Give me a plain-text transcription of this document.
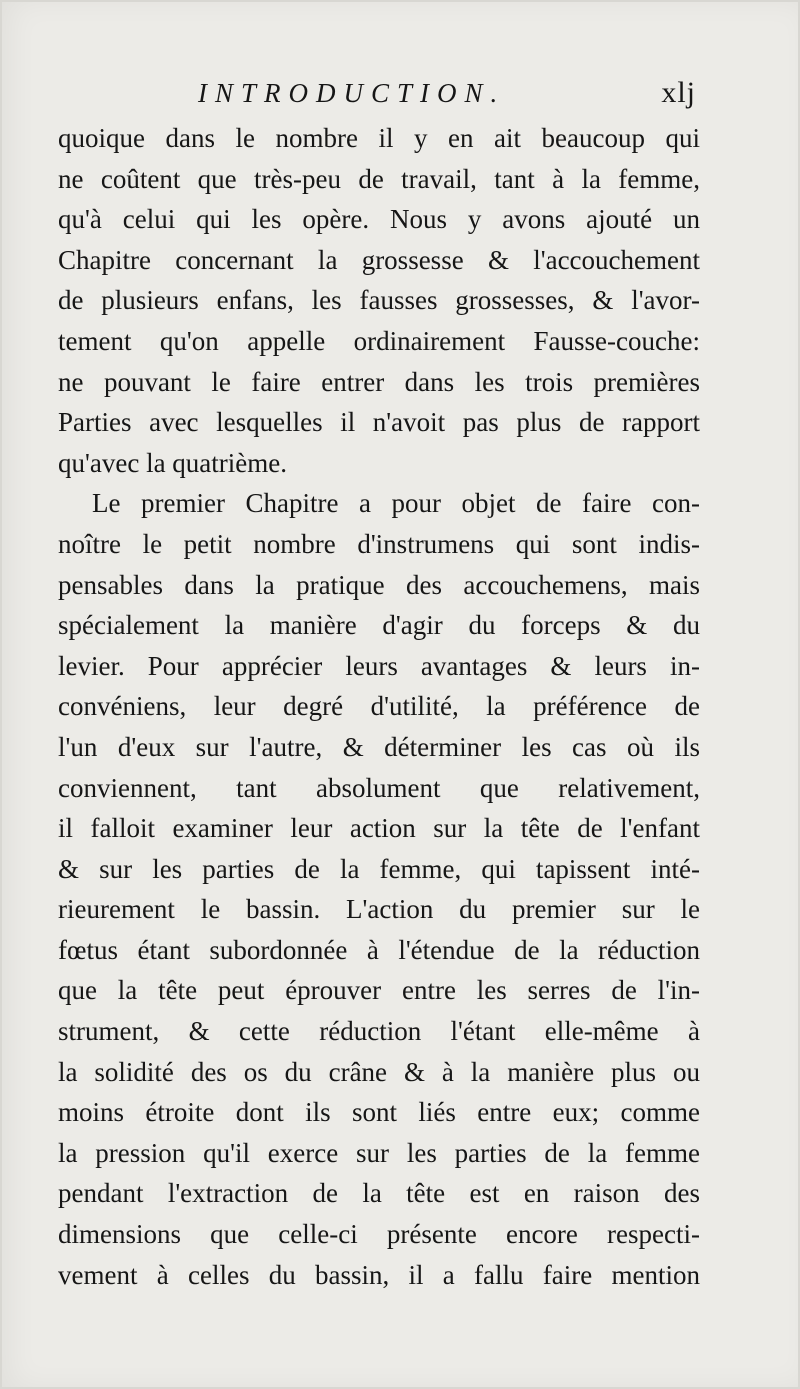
INTRODUCTION.	xlj
quoique dans le nombre il y en ait beaucoup qui
ne coûtent que très-peu de travail, tant à la femme,
qu'à celui qui les opère. Nous y avons ajouté un
Chapitre concernant la grossesse & l'accouchement
de plusieurs enfans, les fausses grossesses, & l'avor-
tement qu'on appelle ordinairement Fausse-couche:
ne pouvant le faire entrer dans les trois premières
Parties avec lesquelles il n'avoit pas plus de rapport
qu'avec la quatrième.
Le premier Chapitre a pour objet de faire con-
noître le petit nombre d'instrumens qui sont indis-
pensables dans la pratique des accouchemens, mais
spécialement la manière d'agir du forceps & du
levier. Pour apprécier leurs avantages & leurs in-
convéniens, leur degré d'utilité, la préférence de
l'un d'eux sur l'autre, & déterminer les cas où ils
conviennent, tant absolument que relativement,
il falloit examiner leur action sur la tête de l'enfant
& sur les parties de la femme, qui tapissent inté-
rieurement le bassin. L'action du premier sur le
fœtus étant subordonnée à l'étendue de la réduction
que la tête peut éprouver entre les serres de l'in-
strument, & cette réduction l'étant elle-même à
la solidité des os du crâne & à la manière plus ou
moins étroite dont ils sont liés entre eux; comme
la pression qu'il exerce sur les parties de la femme
pendant l'extraction de la tête est en raison des
dimensions que celle-ci présente encore respecti-
vement à celles du bassin, il a fallu faire mention
